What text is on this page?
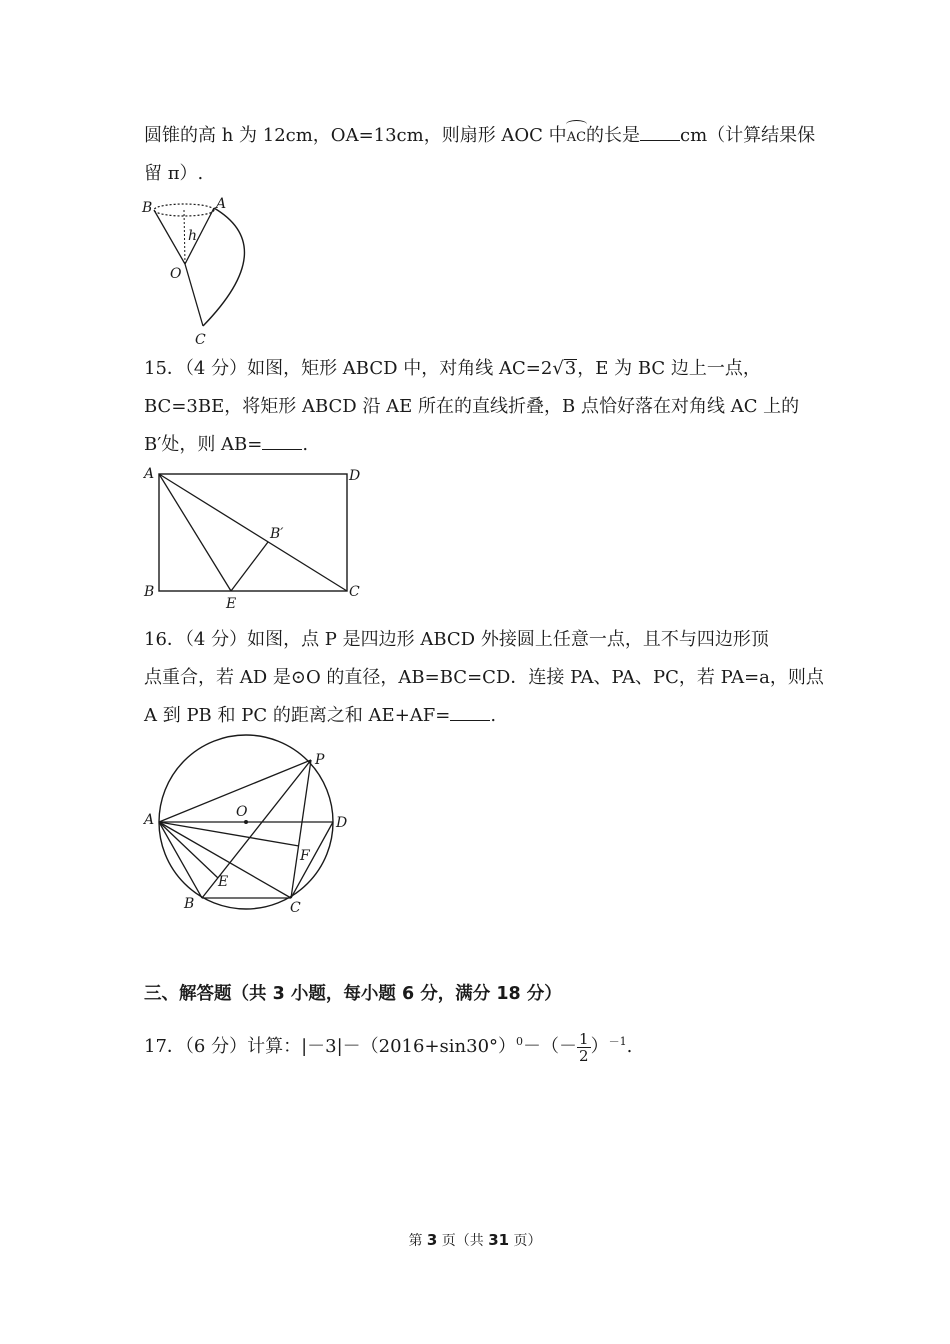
圆锥的高 h 为 12cm，OA=13cm，则扇形 AOC 中AC的长是 cm（计算结果保
留 π）.
B	A
h
O
C
15．（4 分）如图，矩形 ABCD 中，对角线 AC=2√3，E 为 BC 边上一点，
BC=3BE，将矩形 ABCD 沿 AE 所在的直线折叠，B 点恰好落在对角线 AC 上的
B′处，则 AB= .
A	D
B	C
E
B′
16．（4 分）如图，点 P 是四边形 ABCD 外接圆上任意一点，且不与四边形顶
点重合，若 AD 是⊙O 的直径，AB=BC=CD．连接 PA、PA、PC，若 PA=a，则点
A 到 PB 和 PC 的距离之和 AE+AF= .
A	D
O
P
F
E
B	C
三、解答题（共 3 小题，每小题 6 分，满分 18 分）
17．（6 分）计算：$|-3|-(2016+\sin 30^\circ)^0-(- \frac{1}{2} )^{-1}$.
第 3 页（共 31 页）
